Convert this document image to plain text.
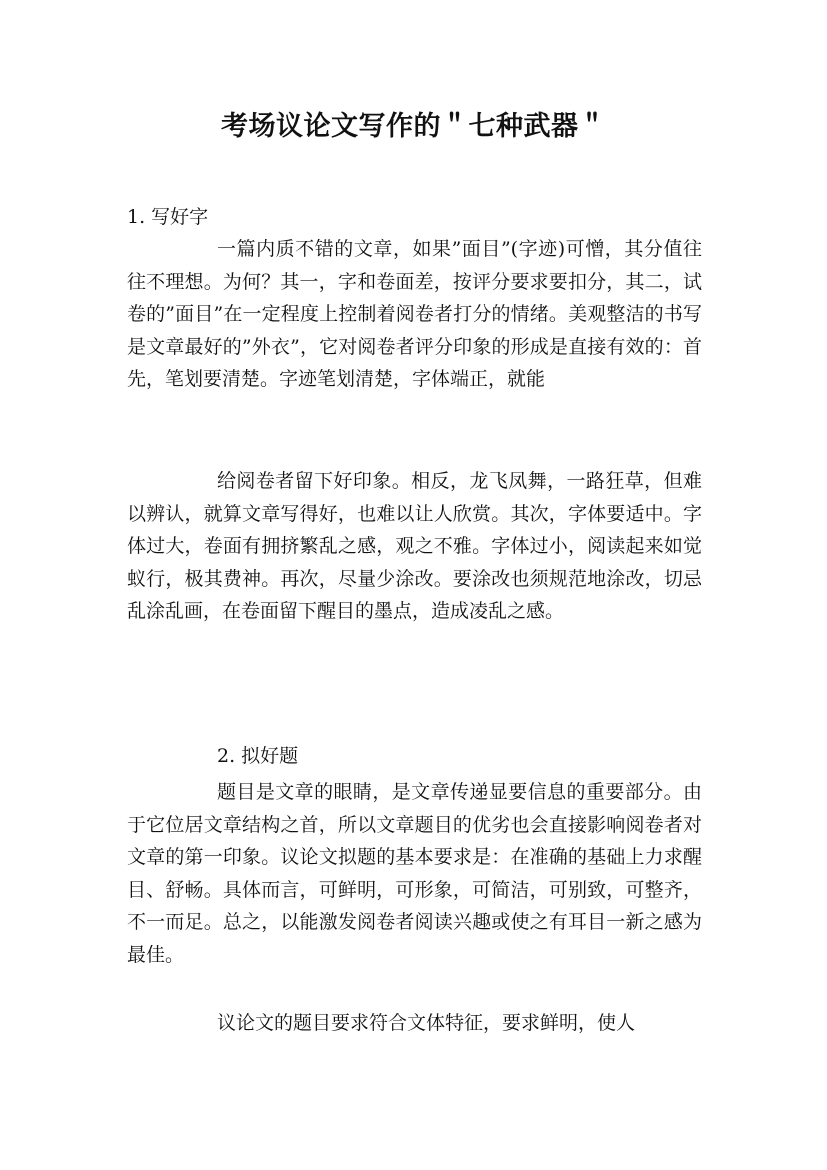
考场议论文写作的＂七种武器＂

1. 写好字

一篇内质不错的文章，如果”面目”(字迹)可憎，其分值往往不理想。为何？其一，字和卷面差，按评分要求要扣分，其二，试卷的”面目”在一定程度上控制着阅卷者打分的情绪。美观整洁的书写是文章最好的”外衣”，它对阅卷者评分印象的形成是直接有效的：首先，笔划要清楚。字迹笔划清楚，字体端正，就能

给阅卷者留下好印象。相反，龙飞凤舞，一路狂草，但难以辨认，就算文章写得好，也难以让人欣赏。其次，字体要适中。字体过大，卷面有拥挤繁乱之感，观之不雅。字体过小，阅读起来如觉蚁行，极其费神。再次，尽量少涂改。要涂改也须规范地涂改，切忌乱涂乱画，在卷面留下醒目的墨点，造成凌乱之感。

2. 拟好题

题目是文章的眼睛，是文章传递显要信息的重要部分。由于它位居文章结构之首，所以文章题目的优劣也会直接影响阅卷者对文章的第一印象。议论文拟题的基本要求是：在准确的基础上力求醒目、舒畅。具体而言，可鲜明，可形象，可简洁，可别致，可整齐，不一而足。总之，以能激发阅卷者阅读兴趣或使之有耳目一新之感为最佳。

议论文的题目要求符合文体特征，要求鲜明，使人
